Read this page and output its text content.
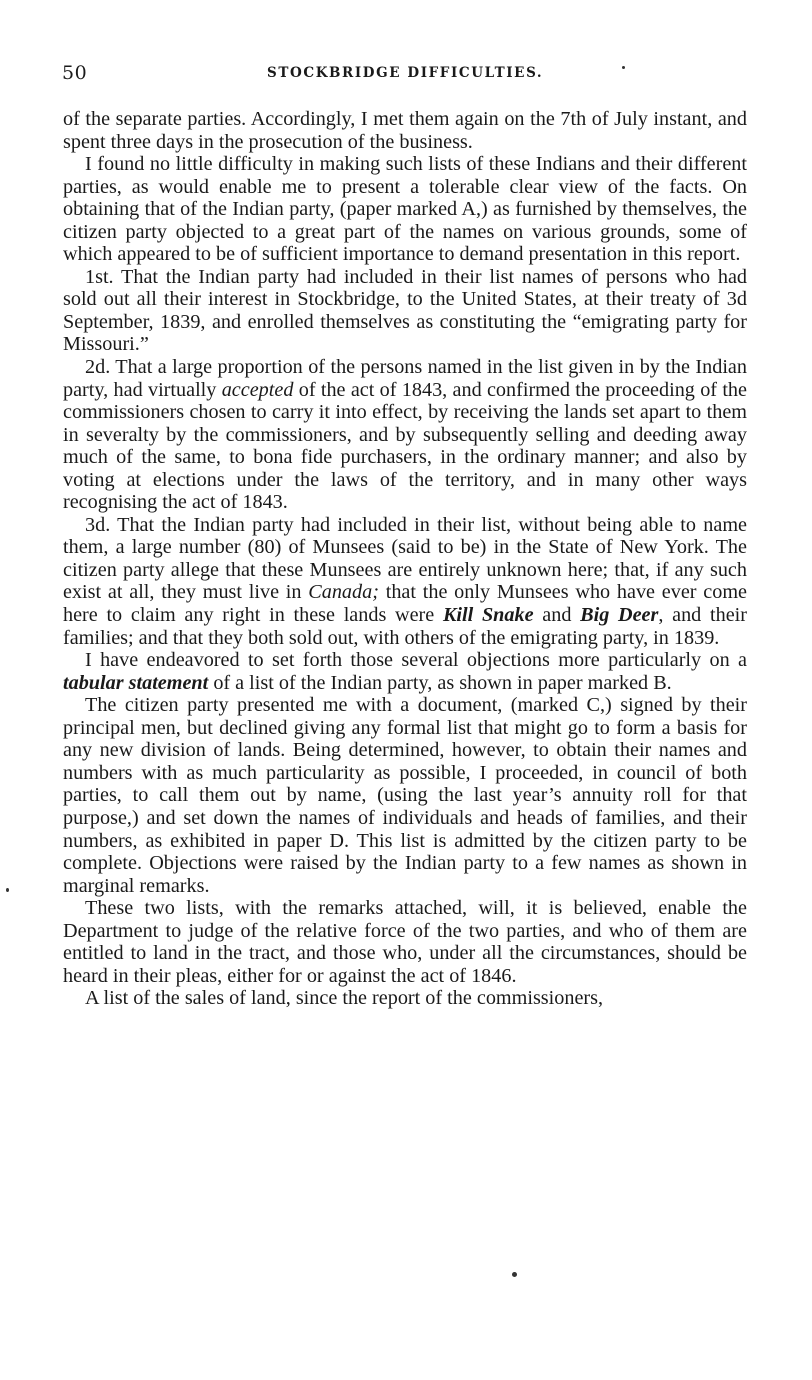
50	STOCKBRIDGE DIFFICULTIES.

of the separate parties. Accordingly, I met them again on the 7th of July instant, and spent three days in the prosecution of the business.

I found no little difficulty in making such lists of these Indians and their different parties, as would enable me to present a tolerable clear view of the facts. On obtaining that of the Indian party, (paper marked A,) as furnished by themselves, the citizen party objected to a great part of the names on various grounds, some of which appeared to be of sufficient importance to demand presentation in this report.

1st. That the Indian party had included in their list names of persons who had sold out all their interest in Stockbridge, to the United States, at their treaty of 3d September, 1839, and enrolled themselves as constituting the “emigrating party for Missouri.”

2d. That a large proportion of the persons named in the list given in by the Indian party, had virtually accepted of the act of 1843, and confirmed the proceeding of the commissioners chosen to carry it into effect, by receiving the lands set apart to them in severalty by the commissioners, and by subsequently selling and deeding away much of the same, to bona fide purchasers, in the ordinary manner; and also by voting at elections under the laws of the territory, and in many other ways recognising the act of 1843.

3d. That the Indian party had included in their list, without being able to name them, a large number (80) of Munsees (said to be) in the State of New York. The citizen party allege that these Munsees are entirely unknown here; that, if any such exist at all, they must live in Canada; that the only Munsees who have ever come here to claim any right in these lands were Kill Snake and Big Deer, and their families; and that they both sold out, with others of the emigrating party, in 1839.

I have endeavored to set forth those several objections more particularly on a tabular statement of a list of the Indian party, as shown in paper marked B.

The citizen party presented me with a document, (marked C,) signed by their principal men, but declined giving any formal list that might go to form a basis for any new division of lands. Being determined, however, to obtain their names and numbers with as much particularity as possible, I proceeded, in council of both parties, to call them out by name, (using the last year’s annuity roll for that purpose,) and set down the names of individuals and heads of families, and their numbers, as exhibited in paper D. This list is admitted by the citizen party to be complete. Objections were raised by the Indian party to a few names as shown in marginal remarks.

These two lists, with the remarks attached, will, it is believed, enable the Department to judge of the relative force of the two parties, and who of them are entitled to land in the tract, and those who, under all the circumstances, should be heard in their pleas, either for or against the act of 1846.

A list of the sales of land, since the report of the commissioners,
